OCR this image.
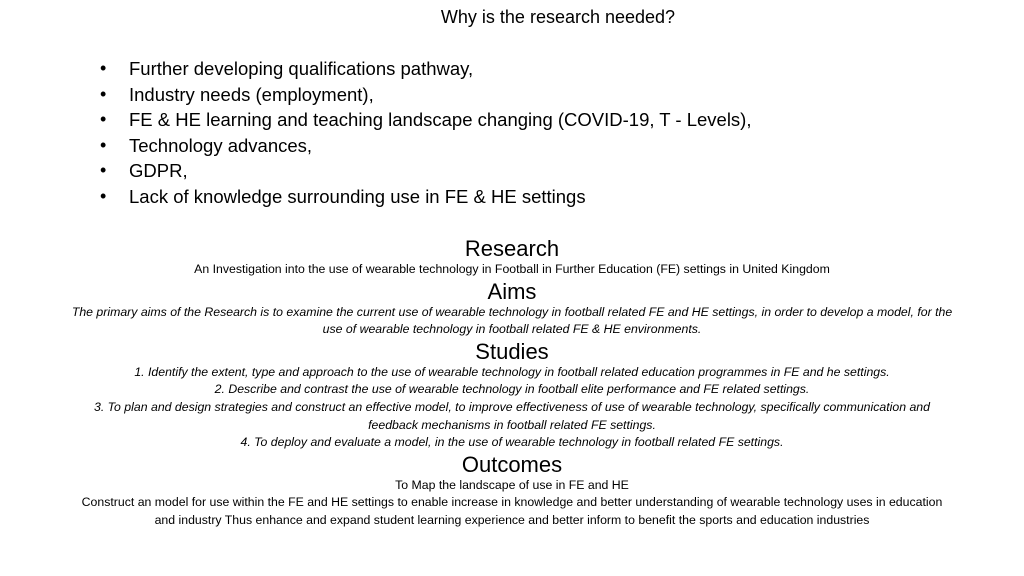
Why is the research needed?
• Further developing qualifications pathway,
• Industry needs (employment),
• FE & HE learning and teaching landscape changing (COVID-19, T - Levels),
• Technology advances,
• GDPR,
• Lack of knowledge surrounding use in FE & HE settings
Research

An Investigation into the use of wearable technology in Football in Further Education (FE) settings in United Kingdom

Aims

The primary aims of the Research is to examine the current use of wearable technology in football related FE and HE settings, in order to develop a model, for the

use of wearable technology in football related FE & HE environments.

Studies

1. Identify the extent, type and approach to the use of wearable technology in football related education programmes in FE and he settings.

2. Describe and contrast the use of wearable technology in football elite performance and FE related settings.

3. To plan and design strategies and construct an effective model, to improve effectiveness of use of wearable technology, specifically communication and

feedback mechanisms in football related FE settings.

4. To deploy and evaluate a model, in the use of wearable technology in football related FE settings.

Outcomes

To Map the landscape of use in FE and HE

Construct an model for use within the FE and HE settings to enable increase in knowledge and better understanding of wearable technology uses in education

and industry Thus enhance and expand student learning experience and better inform to benefit the sports and education industries
